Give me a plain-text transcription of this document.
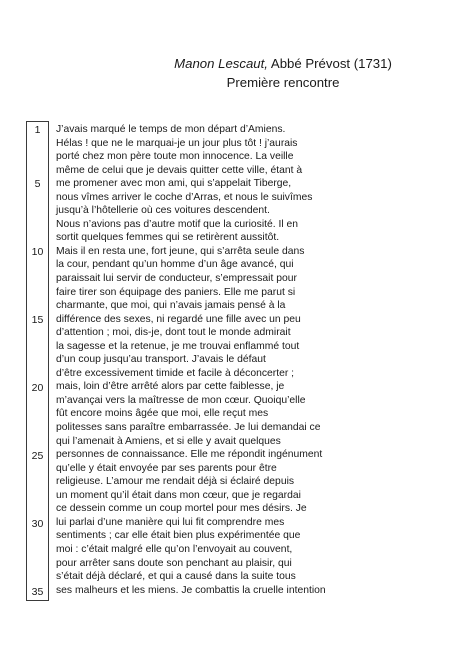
Manon Lescaut, Abbé Prévost (1731)
Première rencontre
1
5
10
15
20
25
30
35
J’avais marqué le temps de mon départ d’Amiens.
Hélas ! que ne le marquai-je un jour plus tôt ! j’aurais
porté chez mon père toute mon innocence. La veille
même de celui que je devais quitter cette ville, étant à
me promener avec mon ami, qui s’appelait Tiberge,
nous vîmes arriver le coche d’Arras, et nous le suivîmes
jusqu’à l’hôtellerie où ces voitures descendent.
Nous n’avions pas d’autre motif que la curiosité. Il en
sortit quelques femmes qui se retirèrent aussitôt.
Mais il en resta une, fort jeune, qui s’arrêta seule dans
la cour, pendant qu’un homme d’un âge avancé, qui
paraissait lui servir de conducteur, s’empressait pour
faire tirer son équipage des paniers. Elle me parut si
charmante, que moi, qui n’avais jamais pensé à la
différence des sexes, ni regardé une fille avec un peu
d’attention ; moi, dis-je, dont tout le monde admirait
la sagesse et la retenue, je me trouvai enflammé tout
d’un coup jusqu’au transport. J’avais le défaut
d’être excessivement timide et facile à déconcerter ;
mais, loin d’être arrêté alors par cette faiblesse, je
m’avançai vers la maîtresse de mon cœur. Quoiqu’elle
fût encore moins âgée que moi, elle reçut mes
politesses sans paraître embarrassée. Je lui demandai ce
qui l’amenait à Amiens, et si elle y avait quelques
personnes de connaissance. Elle me répondit ingénument
qu’elle y était envoyée par ses parents pour être
religieuse. L’amour me rendait déjà si éclairé depuis
un moment qu’il était dans mon cœur, que je regardai
ce dessein comme un coup mortel pour mes désirs. Je
lui parlai d’une manière qui lui fit comprendre mes
sentiments ; car elle était bien plus expérimentée que
moi : c’était malgré elle qu’on l’envoyait au couvent,
pour arrêter sans doute son penchant au plaisir, qui
s’était déjà déclaré, et qui a causé dans la suite tous
ses malheurs et les miens. Je combattis la cruelle intention
